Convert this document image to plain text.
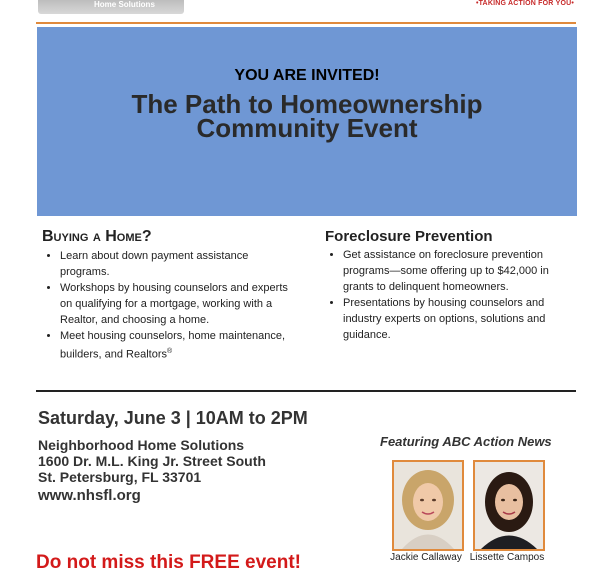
Home Solutions	•TAKING ACTION FOR YOU•
YOU ARE INVITED!
The Path to Homeownership
Community Event
Buying a Home?
• Learn about down payment assistance programs.
• Workshops by housing counselors and experts on qualifying for a mortgage, working with a Realtor, and choosing a home.
• Meet housing counselors, home maintenance, builders, and Realtors®
Foreclosure Prevention
• Get assistance on foreclosure prevention programs—some offering up to $42,000 in grants to delinquent homeowners.
• Presentations by housing counselors and industry experts on options, solutions and guidance.
Saturday, June 3 | 10AM to 2PM
Neighborhood Home Solutions
1600 Dr. M.L. King Jr. Street South
St. Petersburg, FL 33701
www.nhsfl.org
Do not miss this FREE event!
Featuring ABC Action News
Jackie Callaway Lissette Campos
